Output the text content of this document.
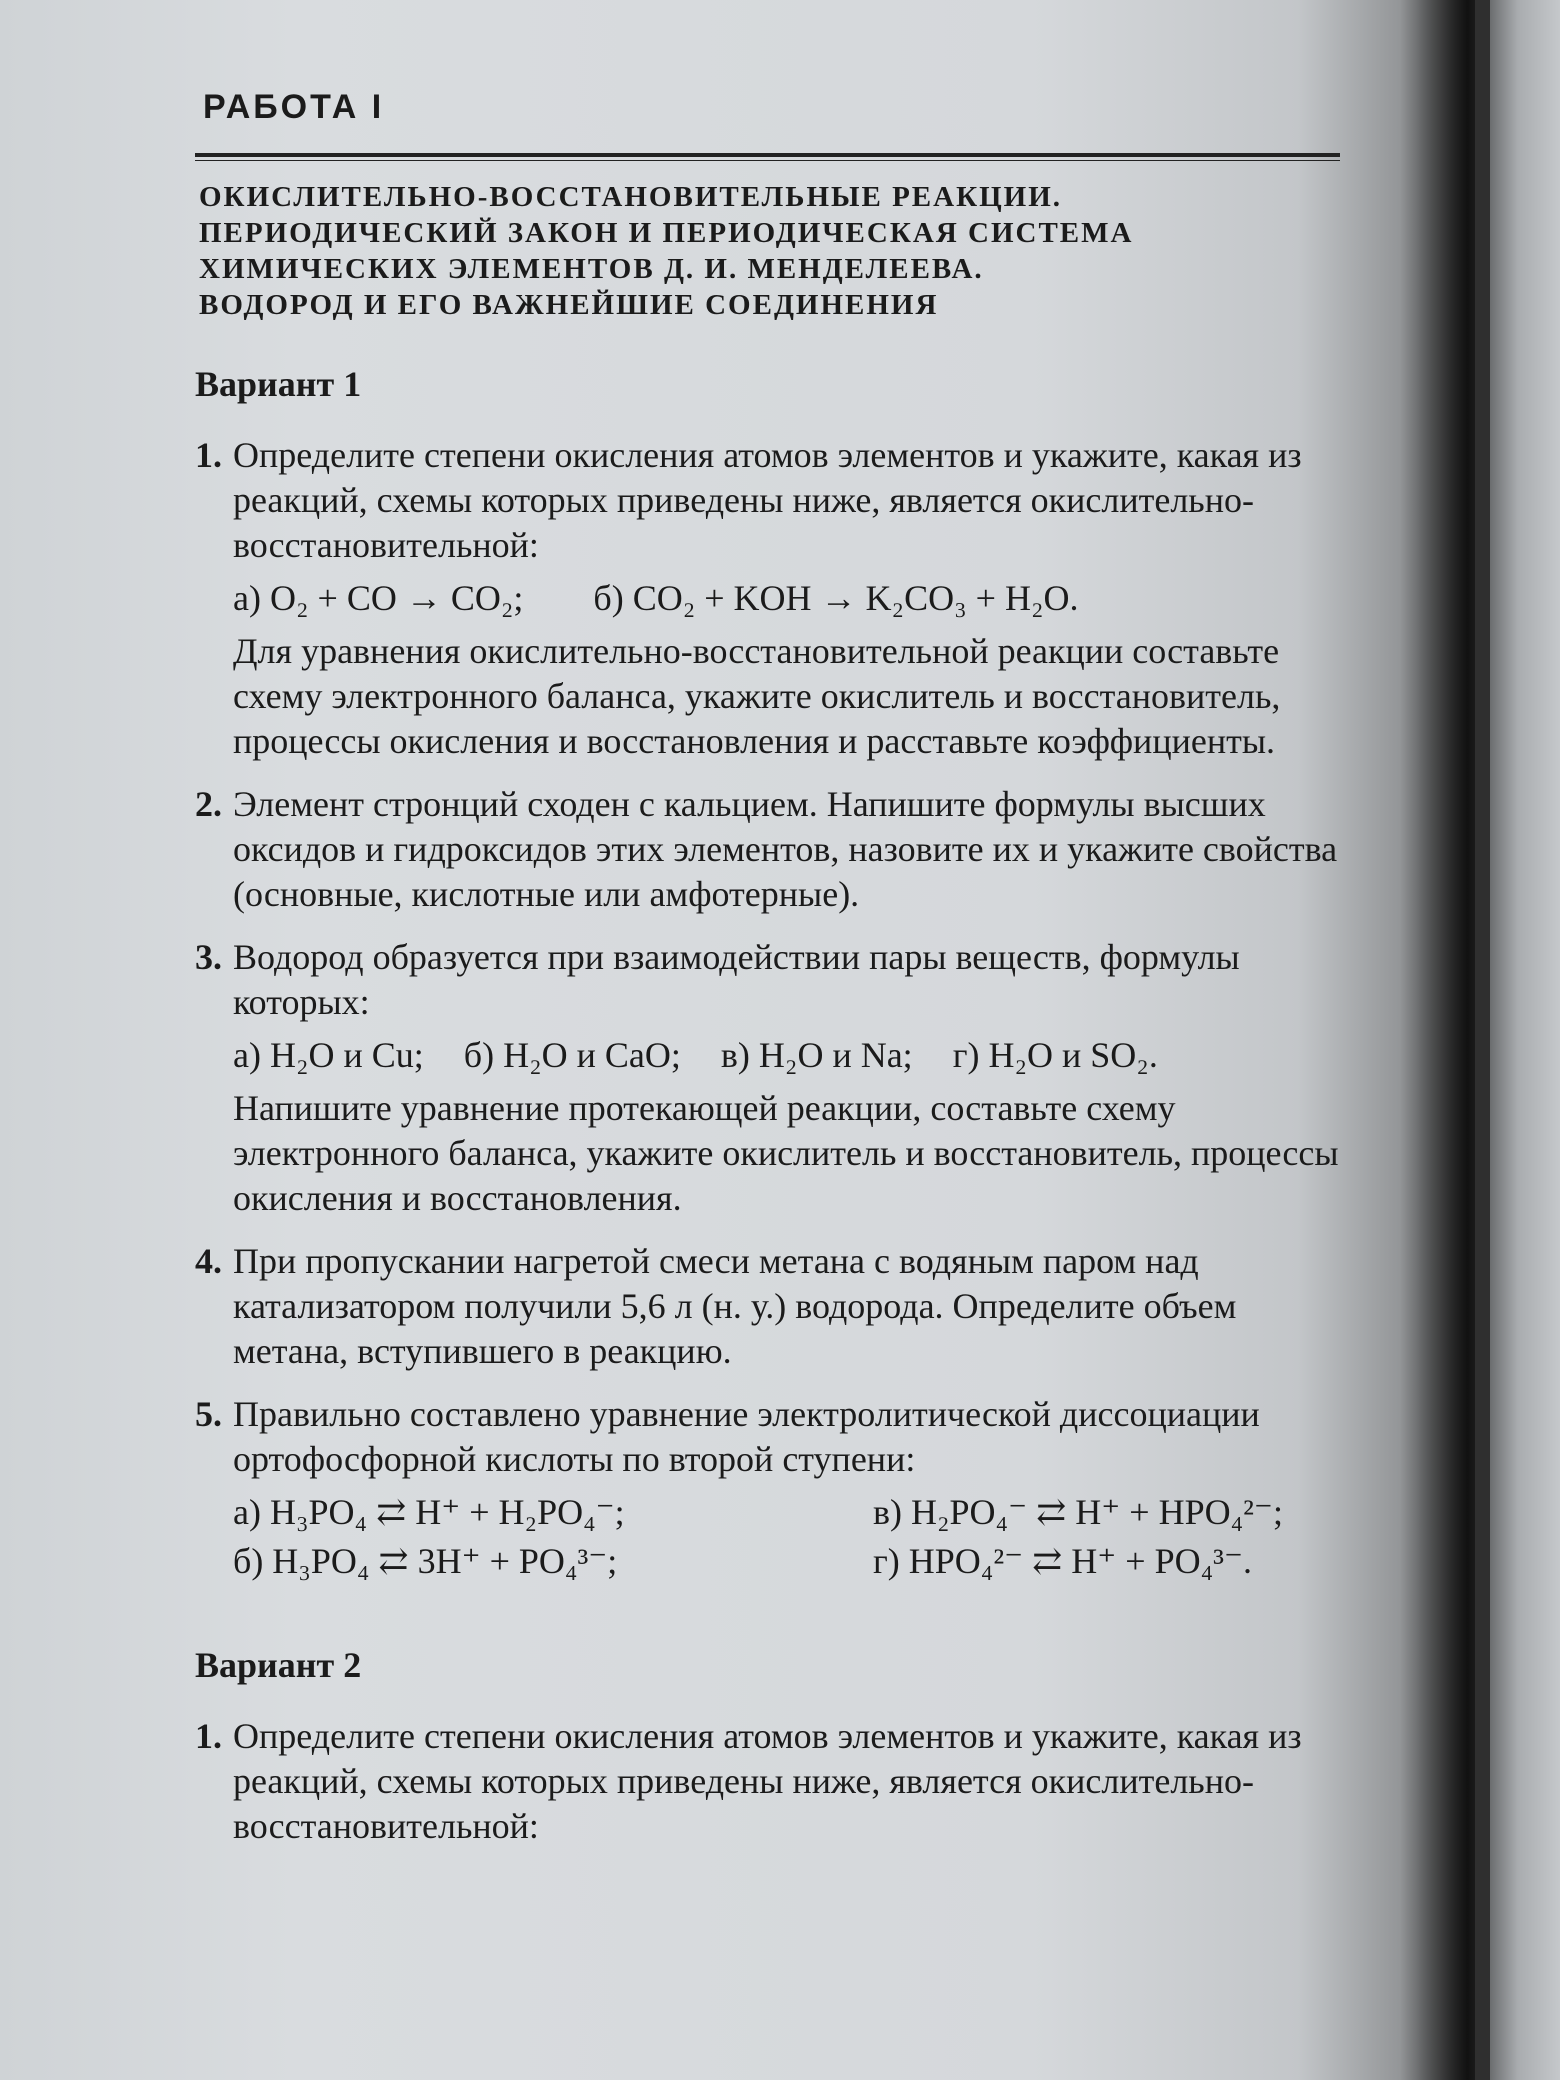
РАБОТА I
ОКИСЛИТЕЛЬНО-ВОССТАНОВИТЕЛЬНЫЕ РЕАКЦИИ.
ПЕРИОДИЧЕСКИЙ ЗАКОН И ПЕРИОДИЧЕСКАЯ СИСТЕМА
ХИМИЧЕСКИХ ЭЛЕМЕНТОВ Д. И. МЕНДЕЛЕЕВА.
ВОДОРОД И ЕГО ВАЖНЕЙШИЕ СОЕДИНЕНИЯ
Вариант 1
1. Определите степени окисления атомов элементов и укажите, какая из реакций, схемы которых приведены ниже, является окислительно-восстановительной:
а) O₂ + CO → CO₂; б) CO₂ + KOH → K₂CO₃ + H₂O.
Для уравнения окислительно-восстановительной реакции составьте схему электронного баланса, укажите окислитель и восстановитель, процессы окисления и восстановления и расставьте коэффициенты.
2. Элемент стронций сходен с кальцием. Напишите формулы высших оксидов и гидроксидов этих элементов, назовите их и укажите свойства (основные, кислотные или амфотерные).
3. Водород образуется при взаимодействии пары веществ, формулы которых:
а) H₂O и Cu; б) H₂O и CaO; в) H₂O и Na; г) H₂O и SO₂.
Напишите уравнение протекающей реакции, составьте схему электронного баланса, укажите окислитель и восстановитель, процессы окисления и восстановления.
4. При пропускании нагретой смеси метана с водяным паром над катализатором получили 5,6 л (н. у.) водорода. Определите объем метана, вступившего в реакцию.
5. Правильно составлено уравнение электролитической диссоциации ортофосфорной кислоты по второй ступени:
а) H₃PO₄ ⇄ H⁺ + H₂PO₄⁻;	в) H₂PO₄⁻ ⇄ H⁺ + HPO₄²⁻;
б) H₃PO₄ ⇄ 3H⁺ + PO₄³⁻;	г) HPO₄²⁻ ⇄ H⁺ + PO₄³⁻.
Вариант 2
1. Определите степени окисления атомов элементов и укажите, какая из реакций, схемы которых приведены ниже, является окислительно-восстановительной:
